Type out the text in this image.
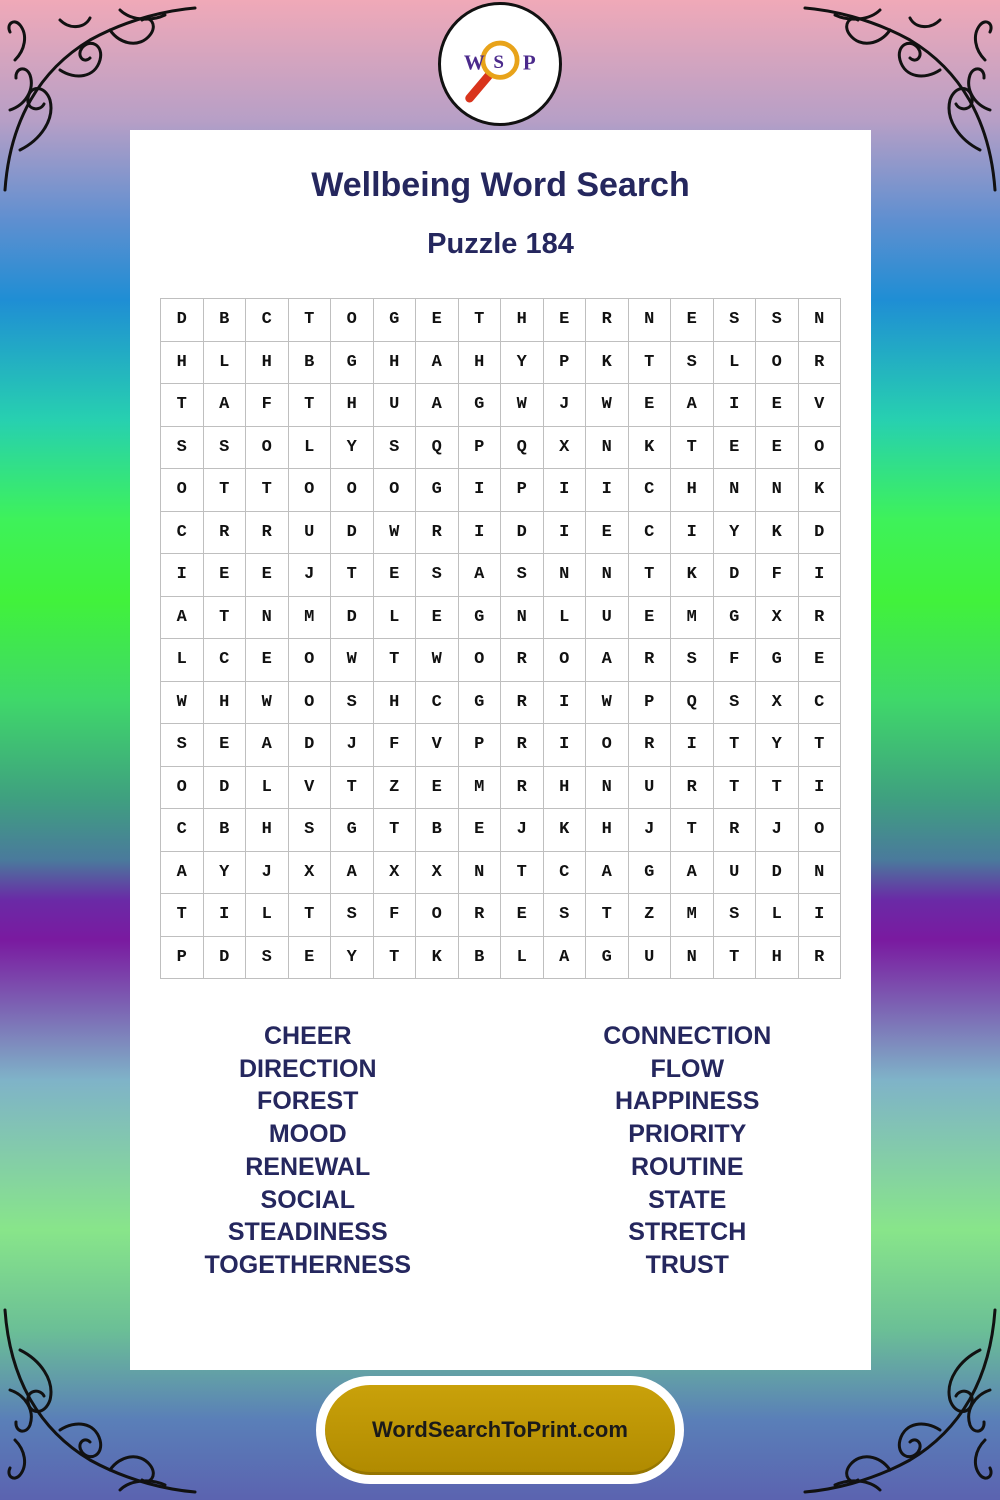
W S P
Wellbeing Word Search
Puzzle 184
D	B	C	T	O	G	E	T	H	E	R	N	E	S	S	N
H	L	H	B	G	H	A	H	Y	P	K	T	S	L	O	R
T	A	F	T	H	U	A	G	W	J	W	E	A	I	E	V
S	S	O	L	Y	S	Q	P	Q	X	N	K	T	E	E	O
O	T	T	O	O	O	G	I	P	I	I	C	H	N	N	K
C	R	R	U	D	W	R	I	D	I	E	C	I	Y	K	D
I	E	E	J	T	E	S	A	S	N	N	T	K	D	F	I
A	T	N	M	D	L	E	G	N	L	U	E	M	G	X	R
L	C	E	O	W	T	W	O	R	O	A	R	S	F	G	E
W	H	W	O	S	H	C	G	R	I	W	P	Q	S	X	C
S	E	A	D	J	F	V	P	R	I	O	R	I	T	Y	T
O	D	L	V	T	Z	E	M	R	H	N	U	R	T	T	I
C	B	H	S	G	T	B	E	J	K	H	J	T	R	J	O
A	Y	J	X	A	X	X	N	T	C	A	G	A	U	D	N
T	I	L	T	S	F	O	R	E	S	T	Z	M	S	L	I
P	D	S	E	Y	T	K	B	L	A	G	U	N	T	H	R
CHEER
DIRECTION
FOREST
MOOD
RENEWAL
SOCIAL
STEADINESS
TOGETHERNESS
CONNECTION
FLOW
HAPPINESS
PRIORITY
ROUTINE
STATE
STRETCH
TRUST
WordSearchToPrint.com
